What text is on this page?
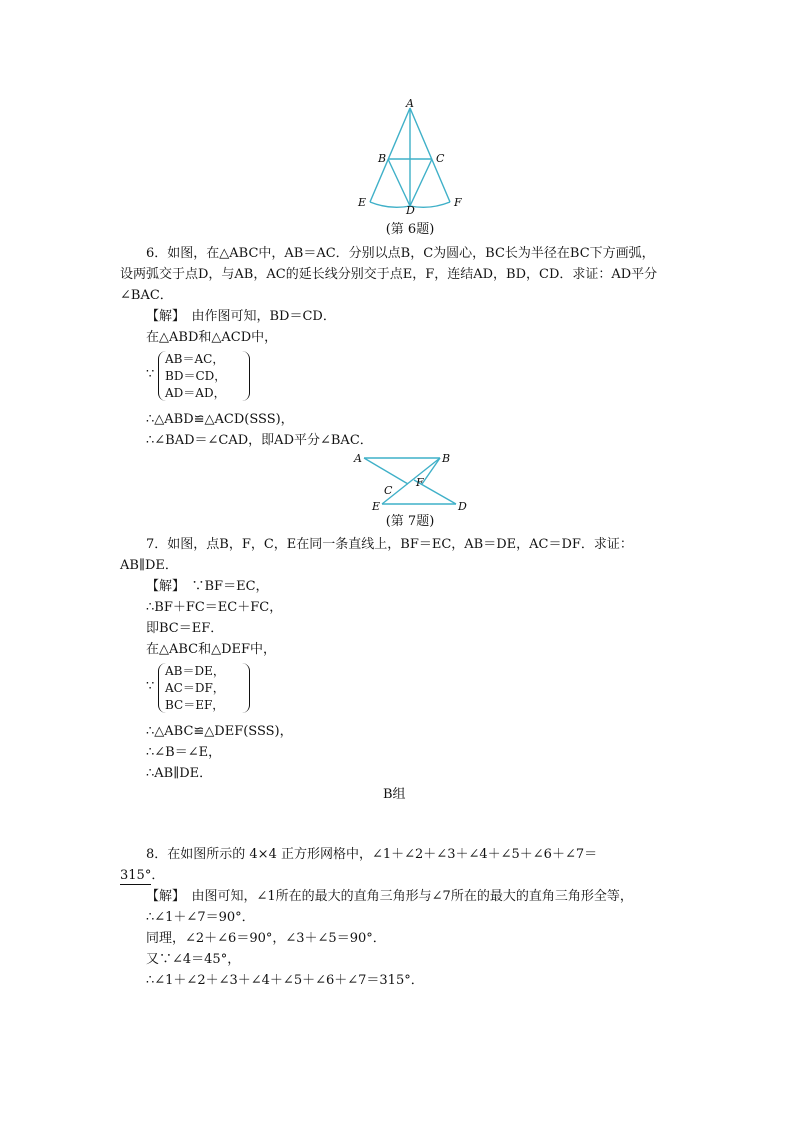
A
B	C
D
E	F
(第 6题)
6．如图，在△ABC中，AB＝AC．分别以点B，C为圆心，BC长为半径在BC下方画弧，
设两弧交于点D，与AB，AC的延长线分别交于点E，F，连结AD，BD，CD．求证：AD平分
∠BAC．
【解】　由作图可知，BD＝CD．
在△ABD和△ACD中，
∵
AB＝AC，
BD＝CD，
AD＝AD，
∴△ABD≌△ACD(SSS)，
∴∠BAD＝∠CAD，即AD平分∠BAC．
A	B
C
F
E	D
(第 7题)
7．如图，点B，F，C，E在同一条直线上，BF＝EC，AB＝DE，AC＝DF．求证：
AB∥DE．
【解】　∵BF＝EC，
∴BF＋FC＝EC＋FC，
即BC＝EF．
在△ABC和△DEF中，
∵
AB＝DE，
AC＝DF，
BC＝EF，
∴△ABC≌△DEF(SSS)，
∴∠B＝∠E，
∴AB∥DE．
B组
8．在如图所示的 4×4 正方形网格中，∠1＋∠2＋∠3＋∠4＋∠5＋∠6＋∠7＝
315°．
【解】　由图可知，∠1所在的最大的直角三角形与∠7所在的最大的直角三角形全等，
∴∠1＋∠7＝90°．
同理，∠2＋∠6＝90°，∠3＋∠5＝90°．
又∵∠4＝45°，
∴∠1＋∠2＋∠3＋∠4＋∠5＋∠6＋∠7＝315°．
